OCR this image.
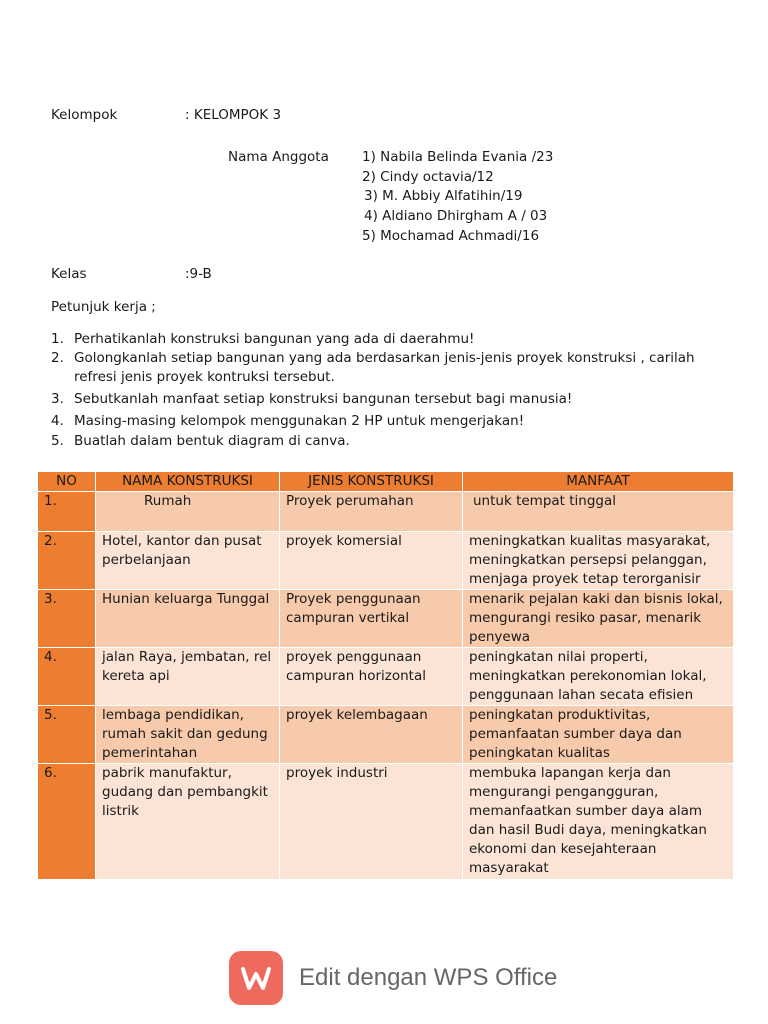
Kelompok	: KELOMPOK 3
Nama Anggota 1) Nabila Belinda Evania /23
2) Cindy octavia/12
3) M. Abbiy Alfatihin/19
4) Aldiano Dhirgham A / 03
5) Mochamad Achmadi/16
Kelas	:9-B
Petunjuk kerja ;
1. Perhatikanlah konstruksi bangunan yang ada di daerahmu!
2. Golongkanlah setiap bangunan yang ada berdasarkan jenis-jenis proyek konstruksi , carilah refresi jenis proyek kontruksi tersebut.
3. Sebutkanlah manfaat setiap konstruksi bangunan tersebut bagi manusia!
4. Masing-masing kelompok menggunakan 2 HP untuk mengerjakan!
5. Buatlah dalam bentuk diagram di canva.
NO	NAMA KONSTRUKSI	JENIS KONSTRUKSI	MANFAAT
1.	Rumah	Proyek perumahan	untuk tempat tinggal
2.	Hotel, kantor dan pusat perbelanjaan	proyek komersial	meningkatkan kualitas masyarakat, meningkatkan persepsi pelanggan, menjaga proyek tetap terorganisir
3.	Hunian keluarga Tunggal	Proyek penggunaan campuran vertikal	menarik pejalan kaki dan bisnis lokal, mengurangi resiko pasar, menarik penyewa
4.	jalan Raya, jembatan, rel kereta api	proyek penggunaan campuran horizontal	peningkatan nilai properti, meningkatkan perekonomian lokal, penggunaan lahan secata efisien
5.	lembaga pendidikan, rumah sakit dan gedung pemerintahan	proyek kelembagaan	peningkatan produktivitas, pemanfaatan sumber daya dan peningkatan kualitas
6.	pabrik manufaktur, gudang dan pembangkit listrik	proyek industri	membuka lapangan kerja dan mengurangi pengangguran, memanfaatkan sumber daya alam dan hasil Budi daya, meningkatkan ekonomi dan kesejahteraan masyarakat
Edit dengan WPS Office
